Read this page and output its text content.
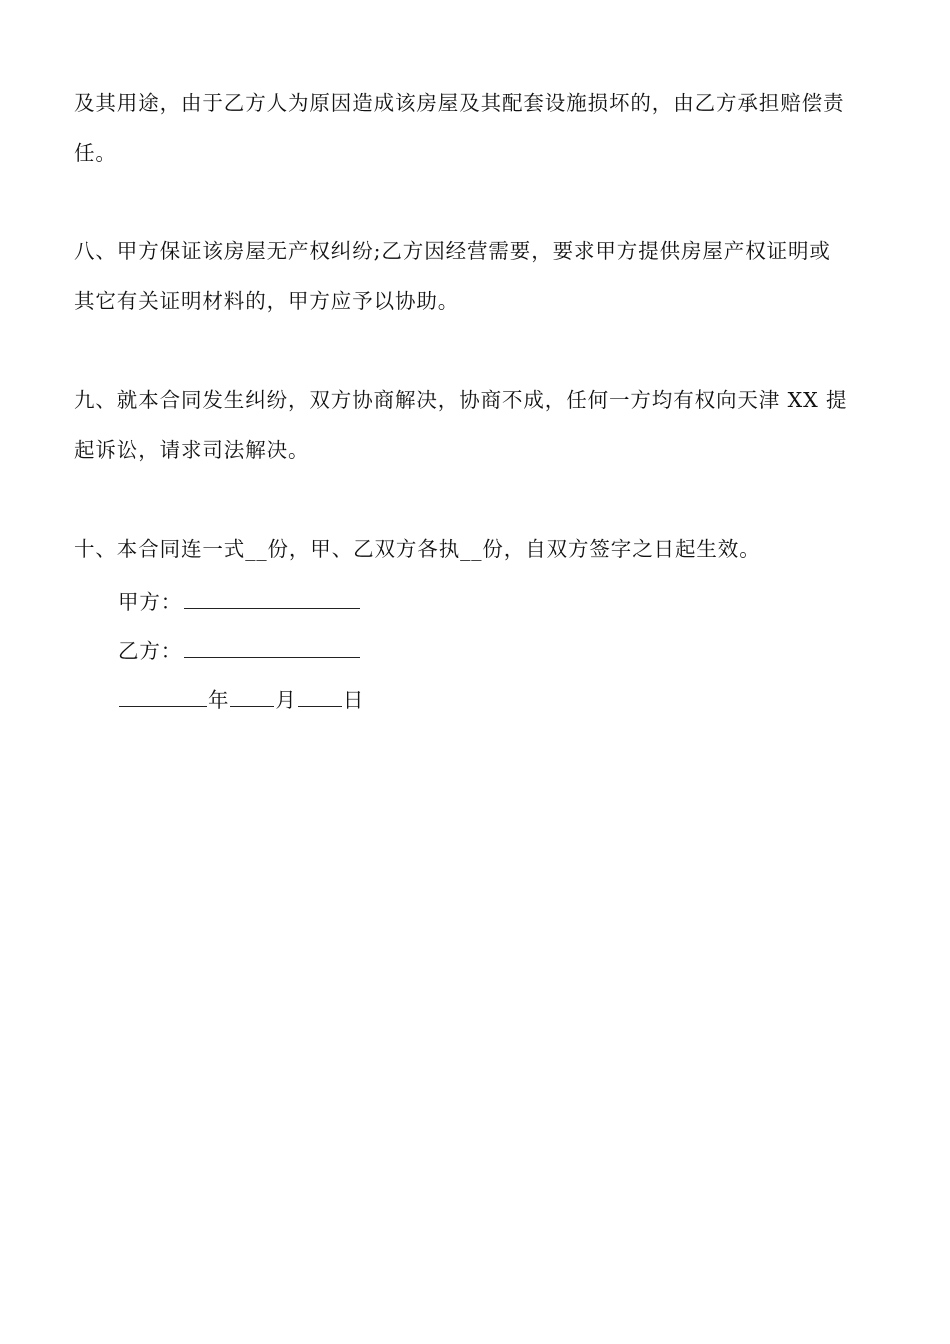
及其用途，由于乙方人为原因造成该房屋及其配套设施损坏的，由乙方承担赔偿责
任。
八、甲方保证该房屋无产权纠纷;乙方因经营需要，要求甲方提供房屋产权证明或
其它有关证明材料的，甲方应予以协助。
九、就本合同发生纠纷，双方协商解决，协商不成，任何一方均有权向天津 XX 提
起诉讼，请求司法解决。
十、本合同连一式__份，甲、乙双方各执__份，自双方签字之日起生效。
甲方：
乙方：
年 月 日
